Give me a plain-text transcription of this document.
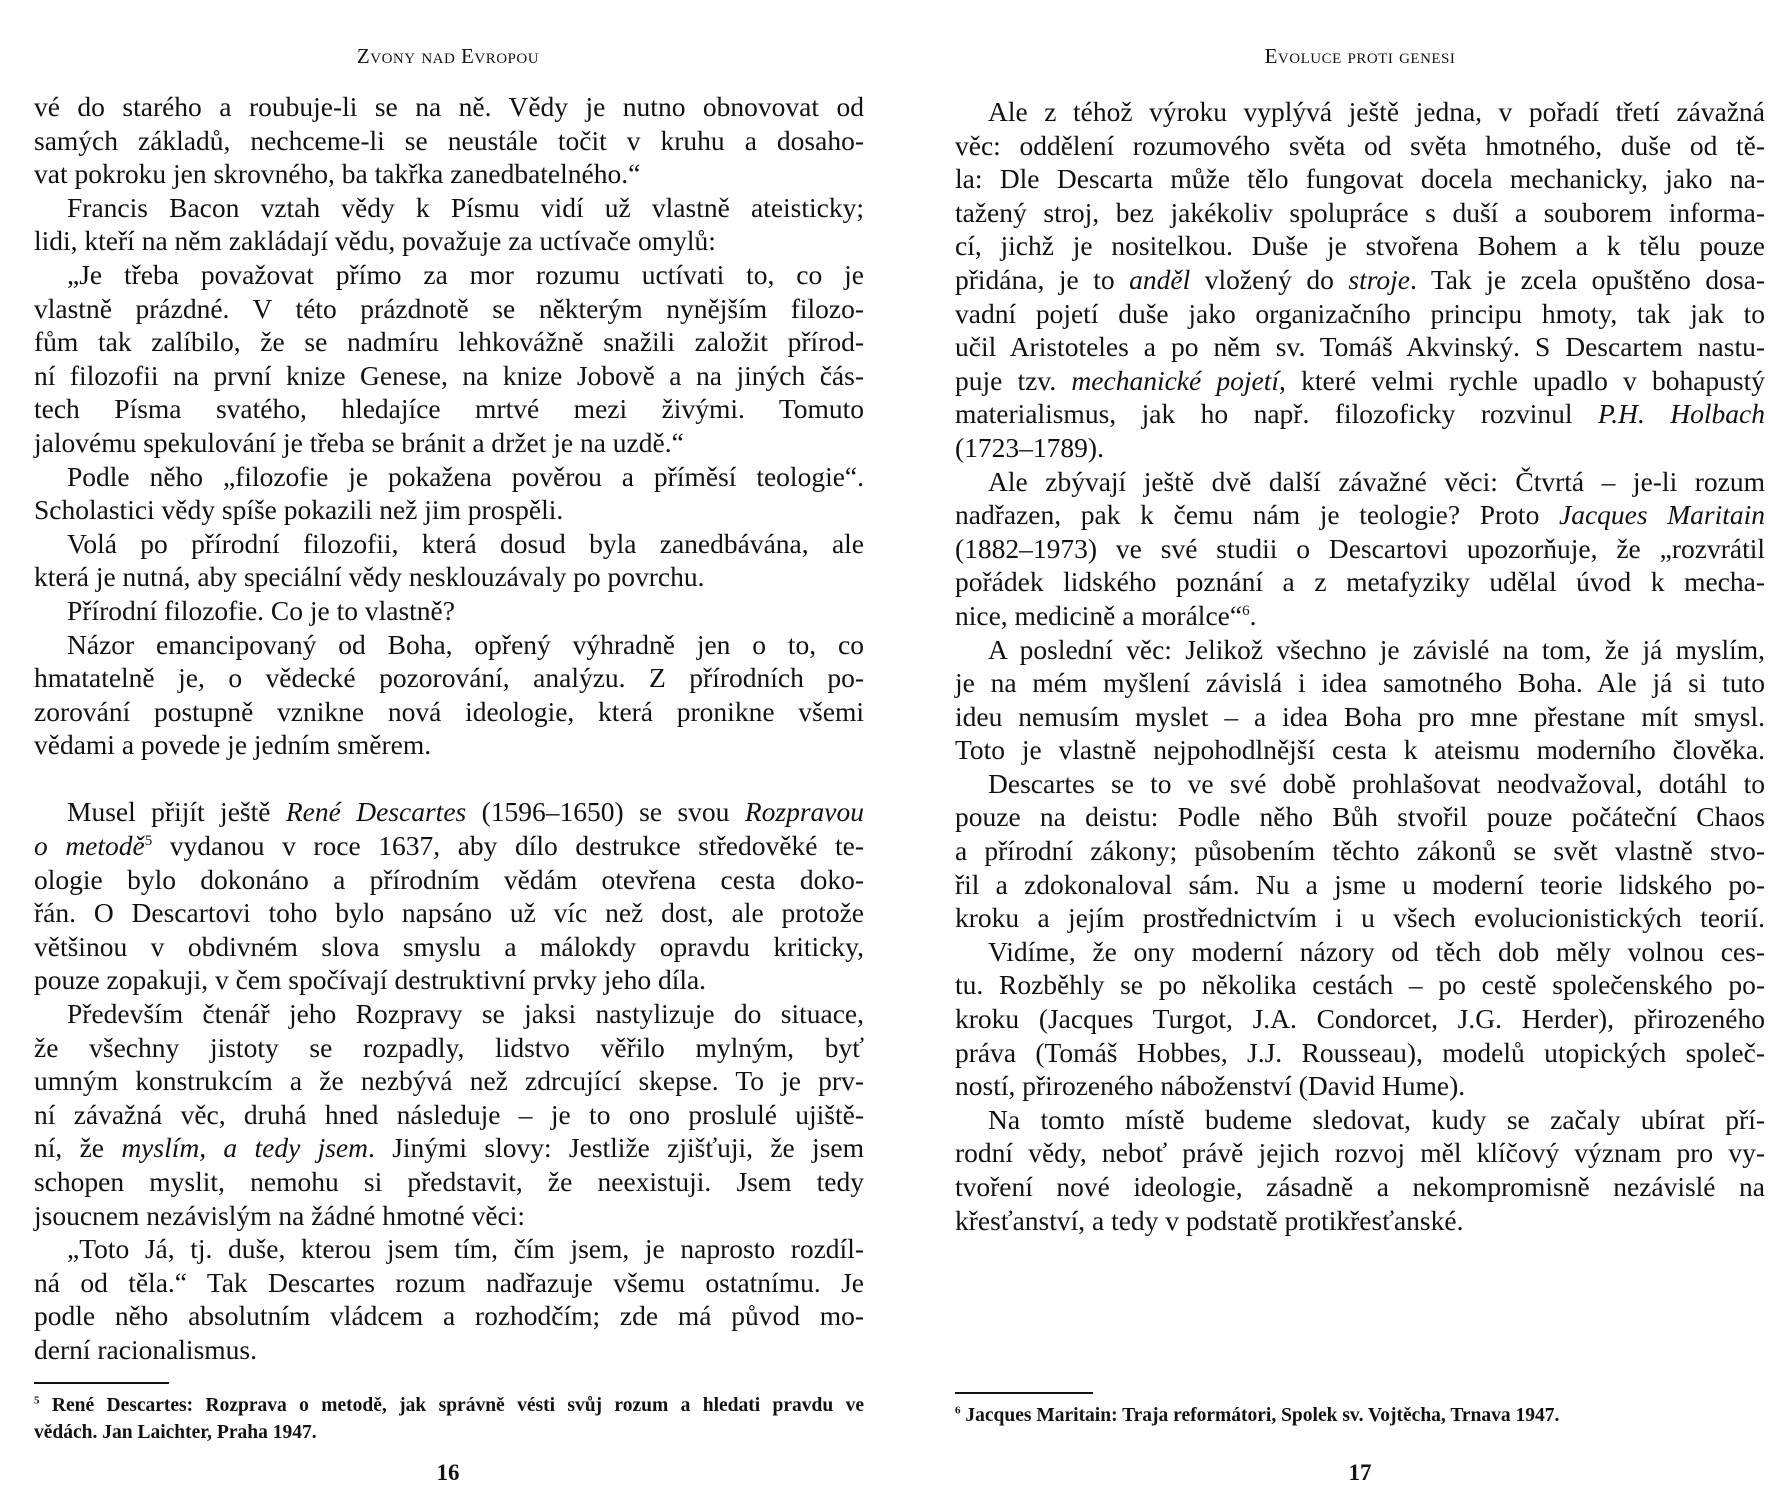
Zvony nad Evropou
vé do starého a roubuje-li se na ně. Vědy je nutno obnovovat od
samých základů, nechceme-li se neustále točit v kruhu a dosaho-
vat pokroku jen skrovného, ba takřka zanedbatelného.“
Francis Bacon vztah vědy k Písmu vidí už vlastně ateisticky;
lidi, kteří na něm zakládají vědu, považuje za uctívače omylů:
„Je třeba považovat přímo za mor rozumu uctívati to, co je
vlastně prázdné. V této prázdnotě se některým nynějším filozo-
fům tak zalíbilo, že se nadmíru lehkovážně snažili založit přírod-
ní filozofii na první knize Genese, na knize Jobově a na jiných čás-
tech Písma svatého, hledajíce mrtvé mezi živými. Tomuto
jalovému spekulování je třeba se bránit a držet je na uzdě.“
Podle něho „filozofie je pokažena pověrou a příměsí teologie“.
Scholastici vědy spíše pokazili než jim prospěli.
Volá po přírodní filozofii, která dosud byla zanedbávána, ale
která je nutná, aby speciální vědy nesklouzávaly po povrchu.
Přírodní filozofie. Co je to vlastně?
Názor emancipovaný od Boha, opřený výhradně jen o to, co
hmatatelně je, o vědecké pozorování, analýzu. Z přírodních po-
zorování postupně vznikne nová ideologie, která pronikne všemi
vědami a povede je jedním směrem.
Musel přijít ještě René Descartes (1596–1650) se svou Rozpravou
o metodě$^5$ vydanou v roce 1637, aby dílo destrukce středověké te-
ologie bylo dokonáno a přírodním vědám otevřena cesta doko-
řán. O Descartovi toho bylo napsáno už víc než dost, ale protože
většinou v obdivném slova smyslu a málokdy opravdu kriticky,
pouze zopakuji, v čem spočívají destruktivní prvky jeho díla.
Především čtenář jeho Rozpravy se jaksi nastylizuje do situace,
že všechny jistoty se rozpadly, lidstvo věřilo mylným, byť
umným konstrukcím a že nezbývá než zdrcující skepse. To je prv-
ní závažná věc, druhá hned následuje – je to ono proslulé ujiště-
ní, že myslím, a tedy jsem. Jinými slovy: Jestliže zjišťuji, že jsem
schopen myslit, nemohu si představit, že neexistuji. Jsem tedy
jsoucnem nezávislým na žádné hmotné věci:
„Toto Já, tj. duše, kterou jsem tím, čím jsem, je naprosto rozdíl-
ná od těla.“ Tak Descartes rozum nadřazuje všemu ostatnímu. Je
podle něho absolutním vládcem a rozhodčím; zde má původ mo-
derní racionalismus.
$^5$ René Descartes: Rozprava o metodě, jak správně vésti svůj rozum a hledati pravdu ve
vědách. Jan Laichter, Praha 1947.
16
Evoluce proti genesi
Ale z téhož výroku vyplývá ještě jedna, v pořadí třetí závažná
věc: oddělení rozumového světa od světa hmotného, duše od tě-
la: Dle Descarta může tělo fungovat docela mechanicky, jako na-
tažený stroj, bez jakékoliv spolupráce s duší a souborem informa-
cí, jichž je nositelkou. Duše je stvořena Bohem a k tělu pouze
přidána, je to anděl vložený do stroje. Tak je zcela opuštěno dosa-
vadní pojetí duše jako organizačního principu hmoty, tak jak to
učil Aristoteles a po něm sv. Tomáš Akvinský. S Descartem nastu-
puje tzv. mechanické pojetí, které velmi rychle upadlo v bohapustý
materialismus, jak ho např. filozoficky rozvinul P.H. Holbach
(1723–1789).
Ale zbývají ještě dvě další závažné věci: Čtvrtá – je-li rozum
nadřazen, pak k čemu nám je teologie? Proto Jacques Maritain
(1882–1973) ve své studii o Descartovi upozorňuje, že „rozvrátil
pořádek lidského poznání a z metafyziky udělal úvod k mecha-
nice, medicině a morálce“$^6$.
A poslední věc: Jelikož všechno je závislé na tom, že já myslím,
je na mém myšlení závislá i idea samotného Boha. Ale já si tuto
ideu nemusím myslet – a idea Boha pro mne přestane mít smysl.
Toto je vlastně nejpohodlnější cesta k ateismu moderního člověka.
Descartes se to ve své době prohlašovat neodvažoval, dotáhl to
pouze na deistu: Podle něho Bůh stvořil pouze počáteční Chaos
a přírodní zákony; působením těchto zákonů se svět vlastně stvo-
řil a zdokonaloval sám. Nu a jsme u moderní teorie lidského po-
kroku a jejím prostřednictvím i u všech evolucionistických teorií.
Vidíme, že ony moderní názory od těch dob měly volnou ces-
tu. Rozběhly se po několika cestách – po cestě společenského po-
kroku (Jacques Turgot, J.A. Condorcet, J.G. Herder), přirozeného
práva (Tomáš Hobbes, J.J. Rousseau), modelů utopických společ-
ností, přirozeného náboženství (David Hume).
Na tomto místě budeme sledovat, kudy se začaly ubírat pří-
rodní vědy, neboť právě jejich rozvoj měl klíčový význam pro vy-
tvoření nové ideologie, zásadně a nekompromisně nezávislé na
křesťanství, a tedy v podstatě protikřesťanské.
$^6$ Jacques Maritain: Traja reformátori, Spolek sv. Vojtěcha, Trnava 1947.
17
